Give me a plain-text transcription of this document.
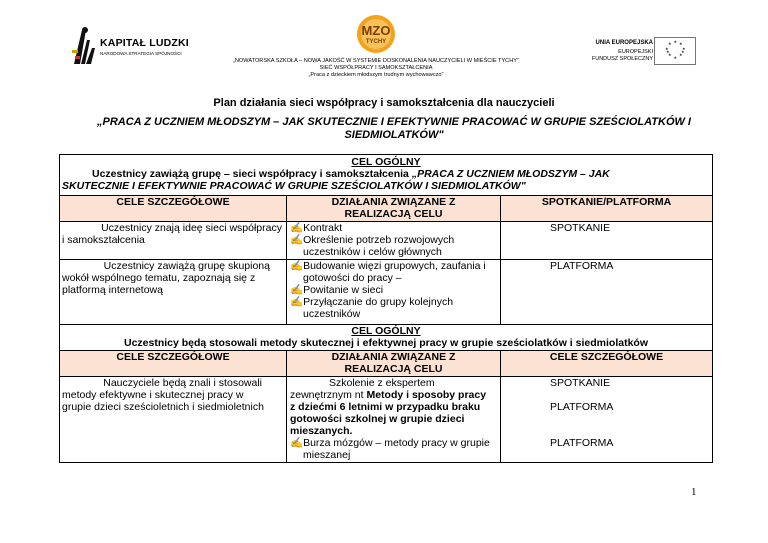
KAPITAŁ LUDZKI
NARODOWA STRATEGIA SPÓJNOŚCI
MZO
TYCHY
„NOWATORSKA SZKOŁA – NOWA JAKOŚĆ W SYSTEMIE DOSKONALENIA NAUCZYCIELI W MIEŚCIE TYCHY"
SIEĆ WSPÓŁPRACY I SAMOKSZTAŁCENIA
„Praca z dzieckiem młodszym trudnym wychowawczo"
UNIA EUROPEJSKA
EUROPEJSKI
FUNDUSZ SPOŁECZNY
★ ★
★
★
★
★
★
★
★
★
Plan działania sieci współpracy i samokształcenia dla nauczycieli
„PRACA Z UCZNIEM MŁODSZYM – JAK SKUTECZNIE I EFEKTYWNIE PRACOWAĆ W GRUPIE SZEŚCIOLATKÓW I
SIEDMIOLATKÓW"
CEL OGÓLNY
Uczestnicy zawiążą grupę – sieci współpracy i samokształcenia „PRACA Z UCZNIEM MŁODSZYM – JAK
SKUTECZNIE I EFEKTYWNIE PRACOWAĆ W GRUPIE SZEŚCIOLATKÓW I SIEDMIOLATKÓW"
CELE SZCZEGÓŁOWE	DZIAŁANIA ZWIĄZANE Z
REALIZACJĄ CELU
SPOTKANIE/PLATFORMA
Uczestnicy znają ideę sieci współpracy
i samokształcenia
✍Kontrakt
✍Określenie potrzeb rozwojowych
uczestników i celów głównych
SPOTKANIE
Uczestnicy zawiążą grupę skupioną
wokół wspólnego tematu, zapoznają się z
platformą internetową
✍Budowanie więzi grupowych, zaufania i
gotowości do pracy –
✍Powitanie w sieci
✍Przyłączanie do grupy kolejnych
uczestników
PLATFORMA
CEL OGÓLNY
Uczestnicy będą stosowali metody skutecznej i efektywnej pracy w grupie sześciolatków i siedmiolatków
CELE SZCZEGÓŁOWE	DZIAŁANIA ZWIĄZANE Z
REALIZACJĄ CELU
CELE SZCZEGÓŁOWE
Nauczyciele będą znali i stosowali
metody efektywne i skutecznej pracy w
grupie dzieci sześcioletnich i siedmioletnich
Szkolenie z ekspertem
zewnętrznym nt Metody i sposoby pracy
z dziećmi 6 letnimi w przypadku braku
gotowości szkolnej w grupie dzieci
mieszanych.
✍Burza mózgów – metody pracy w grupie
mieszanej
SPOTKANIE
PLATFORMA
PLATFORMA
1
